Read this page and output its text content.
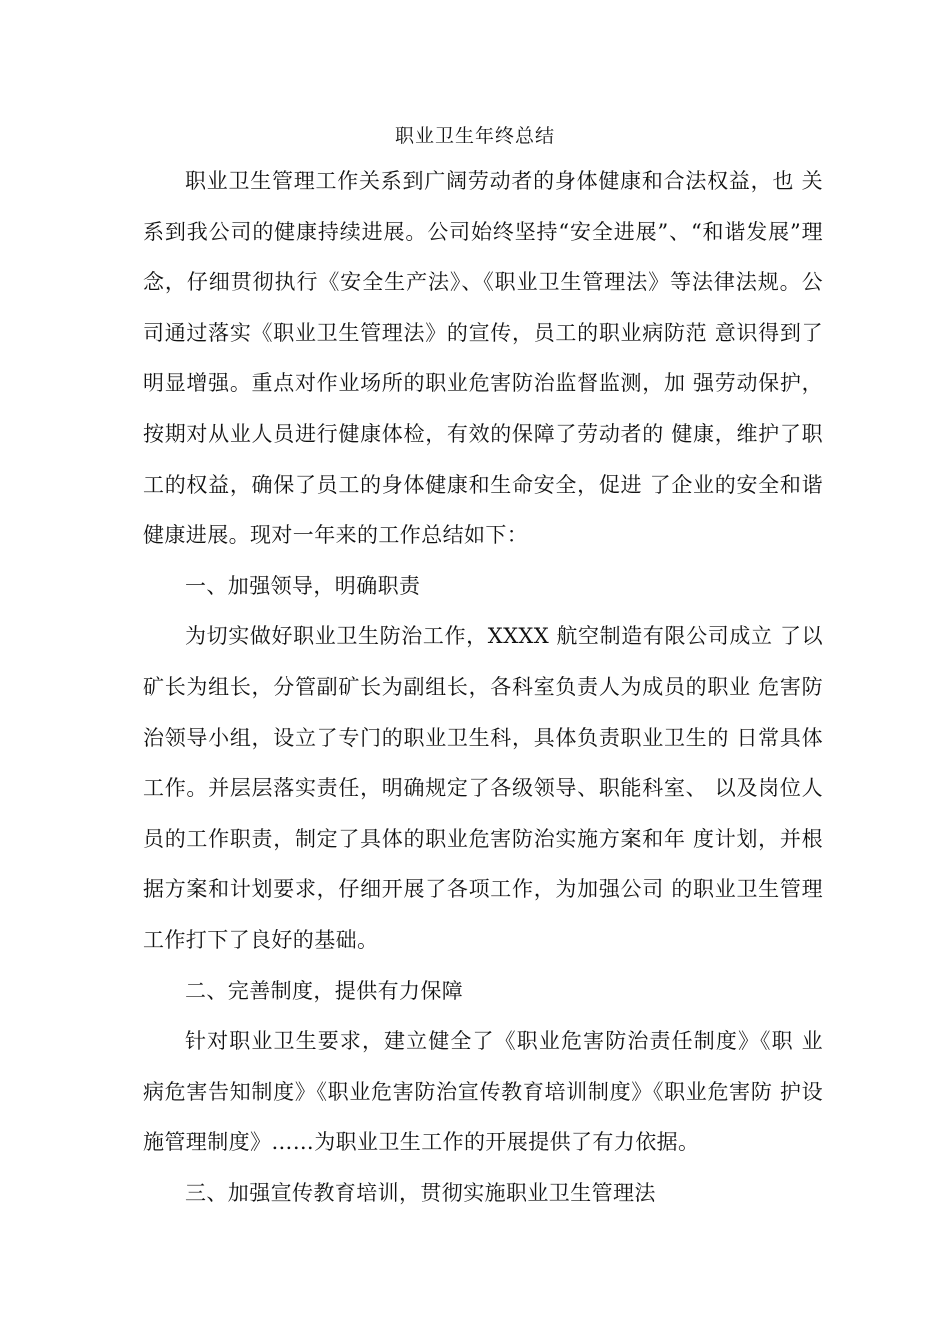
职业卫生年终总结

职业卫生管理工作关系到广阔劳动者的身体健康和合法权益，也 关系到我公司的健康持续进展。公司始终坚持“安全进展”、“和谐发展”理念，仔细贯彻执行《安全生产法》、《职业卫生管理法》等法律法规。公司通过落实《职业卫生管理法》的宣传，员工的职业病防范 意识得到了明显增强。重点对作业场所的职业危害防治监督监测，加 强劳动保护，按期对从业人员进行健康体检，有效的保障了劳动者的 健康，维护了职工的权益，确保了员工的身体健康和生命安全，促进 了企业的安全和谐健康进展。现对一年来的工作总结如下：

一、加强领导，明确职责

为切实做好职业卫生防治工作，XXXX 航空制造有限公司成立 了以矿长为组长，分管副矿长为副组长，各科室负责人为成员的职业 危害防治领导小组，设立了专门的职业卫生科，具体负责职业卫生的 日常具体工作。并层层落实责任，明确规定了各级领导、职能科室、 以及岗位人员的工作职责，制定了具体的职业危害防治实施方案和年 度计划，并根据方案和计划要求，仔细开展了各项工作，为加强公司 的职业卫生管理工作打下了良好的基础。

二、完善制度，提供有力保障

针对职业卫生要求，建立健全了《职业危害防治责任制度》《职 业病危害告知制度》《职业危害防治宣传教育培训制度》《职业危害防 护设施管理制度》……为职业卫生工作的开展提供了有力依据。

三、加强宣传教育培训，贯彻实施职业卫生管理法
